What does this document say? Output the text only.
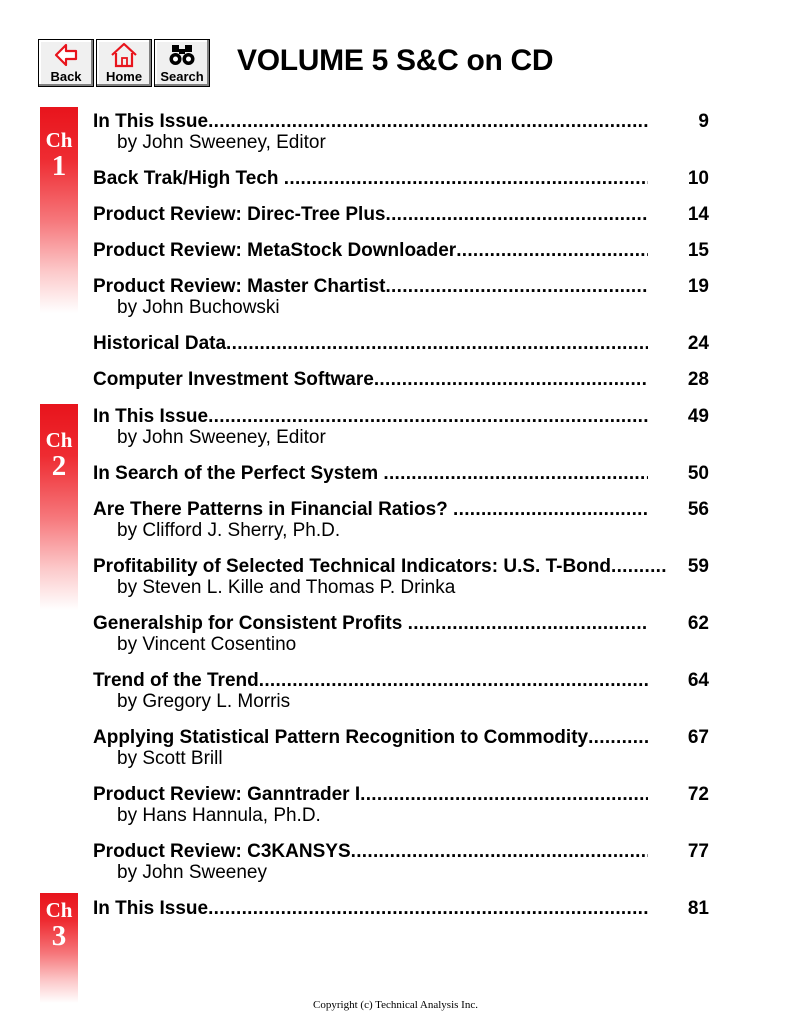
Back Home Search VOLUME 5 S&C on CD
Ch
1
Ch
2
Ch
3
In This Issue .....	9
by John Sweeney, Editor
Back Trak/High Tech .....	10
Product Review: Direc-Tree Plus .....	14
Product Review: MetaStock Downloader .....	15
Product Review: Master Chartist .....	19
by John Buchowski
Historical Data .....	24
Computer Investment Software .....	28
In This Issue .....	49
by John Sweeney, Editor
In Search of the Perfect System .....	50
Are There Patterns in Financial Ratios? .....	56
by Clifford J. Sherry, Ph.D.
Profitability of Selected Technical Indicators: U.S. T-Bond .....	59
by Steven L. Kille and Thomas P. Drinka
Generalship for Consistent Profits .....	62
by Vincent Cosentino
Trend of the Trend .....	64
by Gregory L. Morris
Applying Statistical Pattern Recognition to Commodity .....	67
by Scott Brill
Product Review: Ganntrader I .....	72
by Hans Hannula, Ph.D.
Product Review: C3KANSYS .....	77
by John Sweeney
In This Issue .....	81
Copyright (c) Technical Analysis Inc.
